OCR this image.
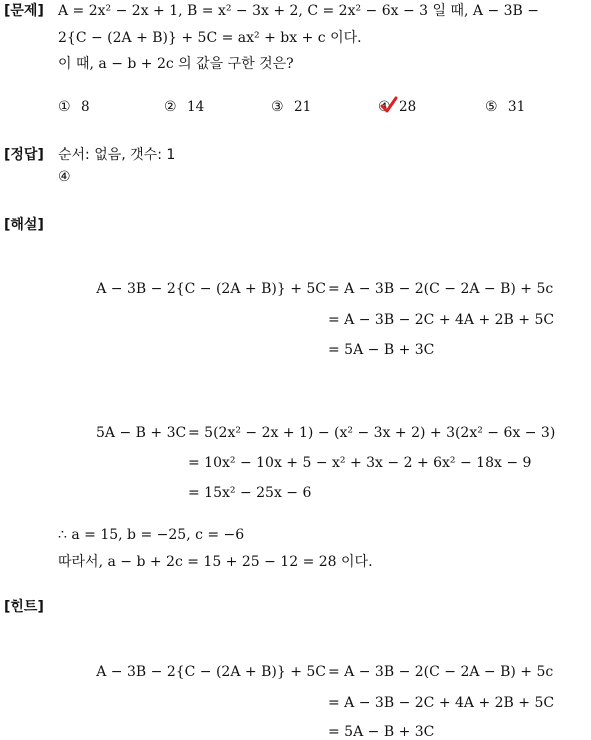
[문제] A = 2x² − 2x + 1, B = x² − 3x + 2, C = 2x² − 6x − 3 일 때, A − 3B −
2{C − (2A + B)} + 5C = ax² + bx + c 이다.
이 때, a − b + 2c 의 값을 구한 것은?
① 8	② 14	③ 21	④ 28	⑤ 31
[정답] 순서: 없음, 갯수: 1
④
[해설]
A − 3B − 2{C − (2A + B)} + 5C = A − 3B − 2(C − 2A − B) + 5c
= A − 3B − 2C + 4A + 2B + 5C
= 5A − B + 3C
5A − B + 3C = 5(2x² − 2x + 1) − (x² − 3x + 2) + 3(2x² − 6x − 3)
= 10x² − 10x + 5 − x² + 3x − 2 + 6x² − 18x − 9
= 15x² − 25x − 6
∴ a = 15, b = −25, c = −6
따라서, a − b + 2c = 15 + 25 − 12 = 28 이다.
[힌트]
A − 3B − 2{C − (2A + B)} + 5C = A − 3B − 2(C − 2A − B) + 5c
= A − 3B − 2C + 4A + 2B + 5C
= 5A − B + 3C
